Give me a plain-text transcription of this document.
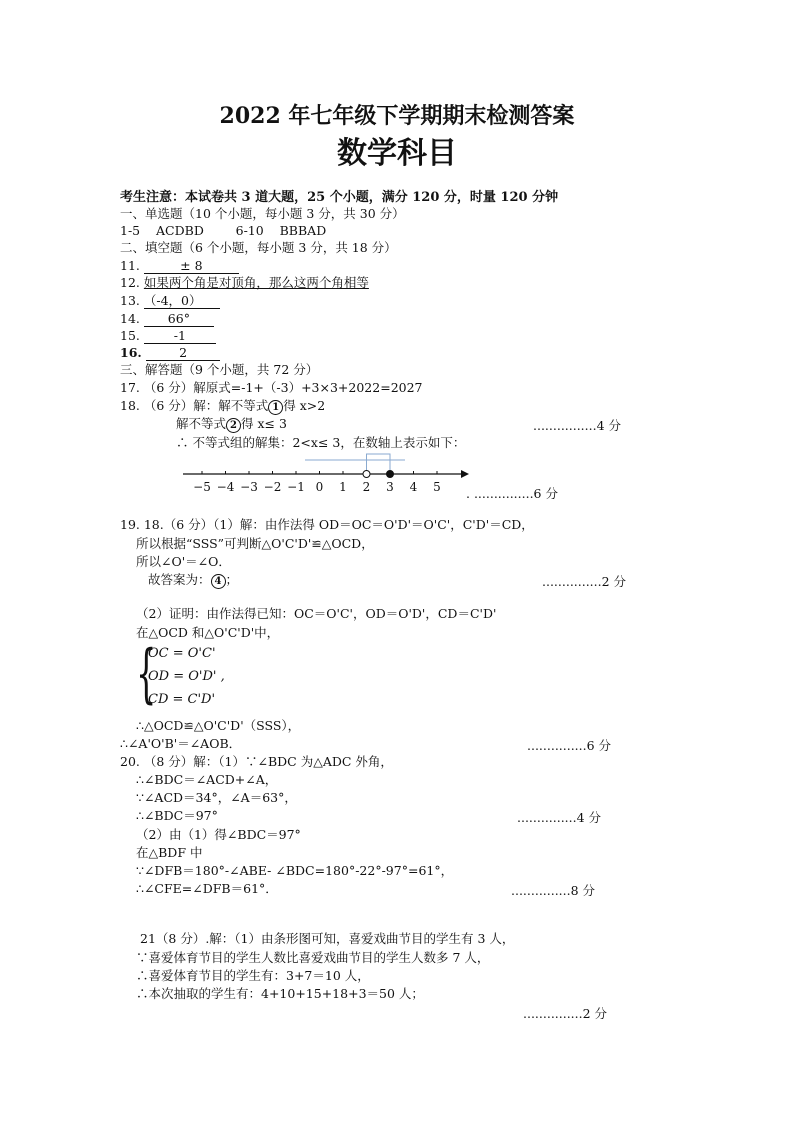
2022 年七年级下学期期末检测答案
数学科目
考生注意：本试卷共 3 道大题，25 个小题，满分 120 分，时量 120 分钟
一、单选题（10 个小题，每小题 3 分，共 30 分）
1-5    ACDBD        6-10    BBBAD
二、填空题（6 个小题，每小题 3 分，共 18 分）
11.	± 8
12. 如果两个角是对顶角，那么这两个角相等
13. （-4，0）
14. 66°
15.	-1
16.	2
三、解答题（9 个小题，共 72 分）
17. （6 分）解原式=-1+（-3）+3×3+2022=2027
18. （6 分）解：解不等式 1 得 x>2
解不等式 2 得 x≤ 3	................4 分
∴ 不等式组的解集：2<x≤ 3，在数轴上表示如下：
−5 −4 −3 −2 −1 0 1 2 3 4 5 . ...............6 分
19. 18.（6 分）（1）解：由作法得 OD＝OC＝O'D'＝O'C'，C'D'＝CD，
所以根据“SSS”可判断△O'C'D'≌△OCD，
所以∠O'＝∠O．
故答案为： 4 ；	...............2 分
（2）证明：由作法得已知：OC＝O'C'，OD＝O'D'，CD＝C'D'
在△OCD 和△O'C'D'中，
{
OC = O'C'
OD = O'D' ,
CD = C'D'
∴△OCD≌△O'C'D'（SSS），
∴∠A'O'B'＝∠AOB．	...............6 分
20. （8 分）解：（1）∵∠BDC 为△ADC 外角，
∴∠BDC＝∠ACD+∠A，
∵∠ACD＝34°，∠A＝63°，
∴∠BDC＝97°	...............4 分
（2）由（1）得∠BDC＝97°
在△BDF 中
∵∠DFB＝180°-∠ABE- ∠BDC=180°-22°-97°=61°，
∴∠CFE=∠DFB＝61°．	...............8 分
21（8 分）.解：（1）由条形图可知，喜爱戏曲节目的学生有 3 人，
∵喜爱体育节目的学生人数比喜爱戏曲节目的学生人数多 7 人，
∴喜爱体育节目的学生有：3+7＝10 人，
∴本次抽取的学生有：4+10+15+18+3＝50 人；
...............2 分
